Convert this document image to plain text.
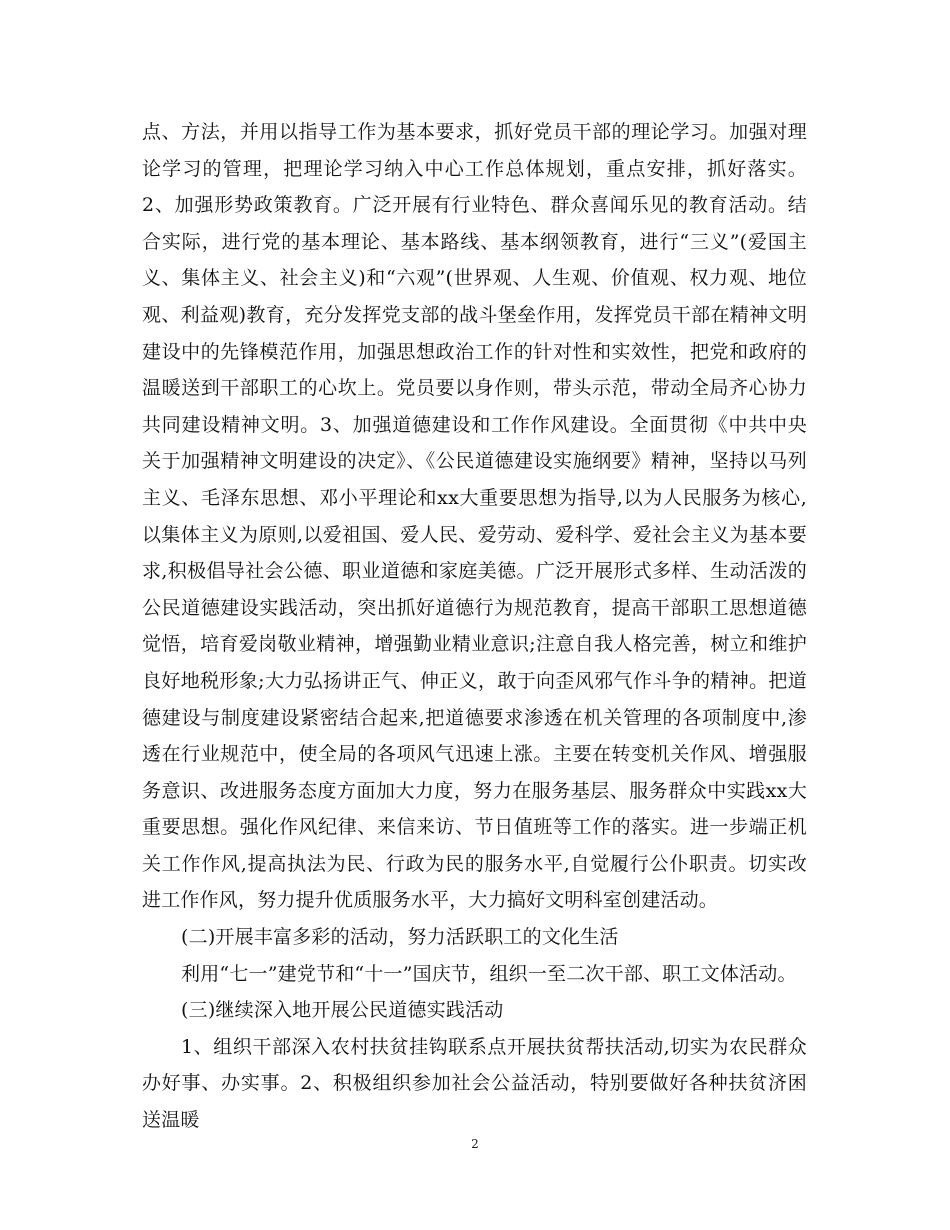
点、方法，并用以指导工作为基本要求，抓好党员干部的理论学习。加强对理论学习的管理，把理论学习纳入中心工作总体规划，重点安排，抓好落实。2、加强形势政策教育。广泛开展有行业特色、群众喜闻乐见的教育活动。结合实际，进行党的基本理论、基本路线、基本纲领教育，进行“三义”(爱国主义、集体主义、社会主义)和“六观”(世界观、人生观、价值观、权力观、地位观、利益观)教育，充分发挥党支部的战斗堡垒作用，发挥党员干部在精神文明建设中的先锋模范作用，加强思想政治工作的针对性和实效性，把党和政府的温暖送到干部职工的心坎上。党员要以身作则，带头示范，带动全局齐心协力共同建设精神文明。3、加强道德建设和工作作风建设。全面贯彻《中共中央关于加强精神文明建设的决定》、《公民道德建设实施纲要》精神，坚持以马列主义、毛泽东思想、邓小平理论和xx大重要思想为指导,以为人民服务为核心,以集体主义为原则,以爱祖国、爱人民、爱劳动、爱科学、爱社会主义为基本要求,积极倡导社会公德、职业道德和家庭美德。广泛开展形式多样、生动活泼的公民道德建设实践活动，突出抓好道德行为规范教育，提高干部职工思想道德觉悟，培育爱岗敬业精神，增强勤业精业意识;注意自我人格完善，树立和维护良好地税形象;大力弘扬讲正气、伸正义，敢于向歪风邪气作斗争的精神。把道德建设与制度建设紧密结合起来,把道德要求渗透在机关管理的各项制度中,渗透在行业规范中，使全局的各项风气迅速上涨。主要在转变机关作风、增强服务意识、改进服务态度方面加大力度，努力在服务基层、服务群众中实践xx大重要思想。强化作风纪律、来信来访、节日值班等工作的落实。进一步端正机关工作作风,提高执法为民、行政为民的服务水平,自觉履行公仆职责。切实改进工作作风，努力提升优质服务水平，大力搞好文明科室创建活动。

(二)开展丰富多彩的活动，努力活跃职工的文化生活

利用“七一”建党节和“十一”国庆节，组织一至二次干部、职工文体活动。

(三)继续深入地开展公民道德实践活动

1、组织干部深入农村扶贫挂钩联系点开展扶贫帮扶活动,切实为农民群众办好事、办实事。2、积极组织参加社会公益活动，特别要做好各种扶贫济困送温暖

2
